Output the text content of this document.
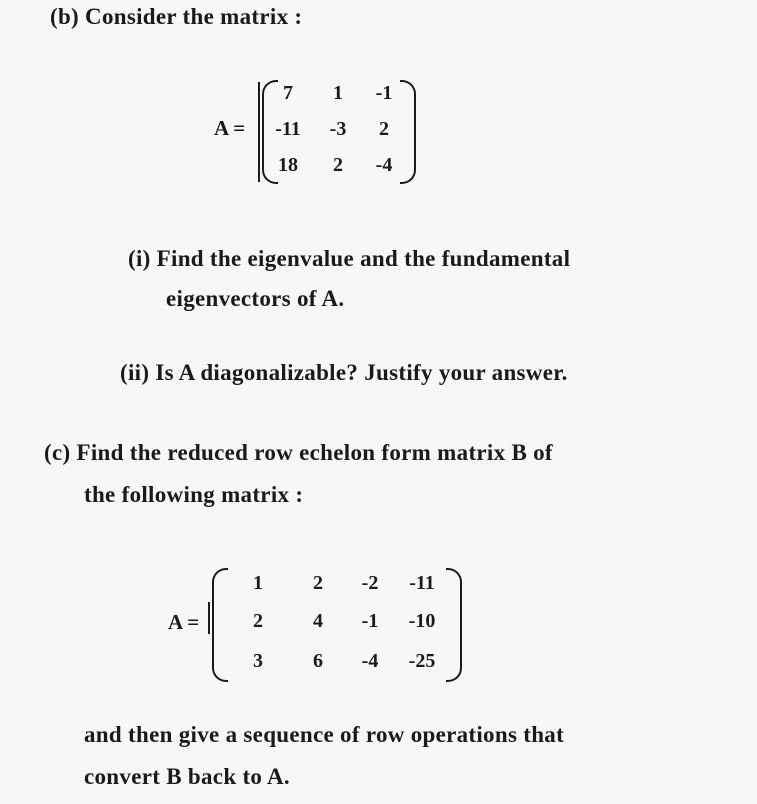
(b) Consider the matrix :
A =
7	1	-1
-11	-3	2
18	2	-4
(i) Find the eigenvalue and the fundamental
eigenvectors of A.
(ii) Is A diagonalizable? Justify your answer.
(c) Find the reduced row echelon form matrix B of
the following matrix :
A =
1	2	-2	-11
2	4	-1	-10
3	6	-4	-25
and then give a sequence of row operations that
convert B back to A.
